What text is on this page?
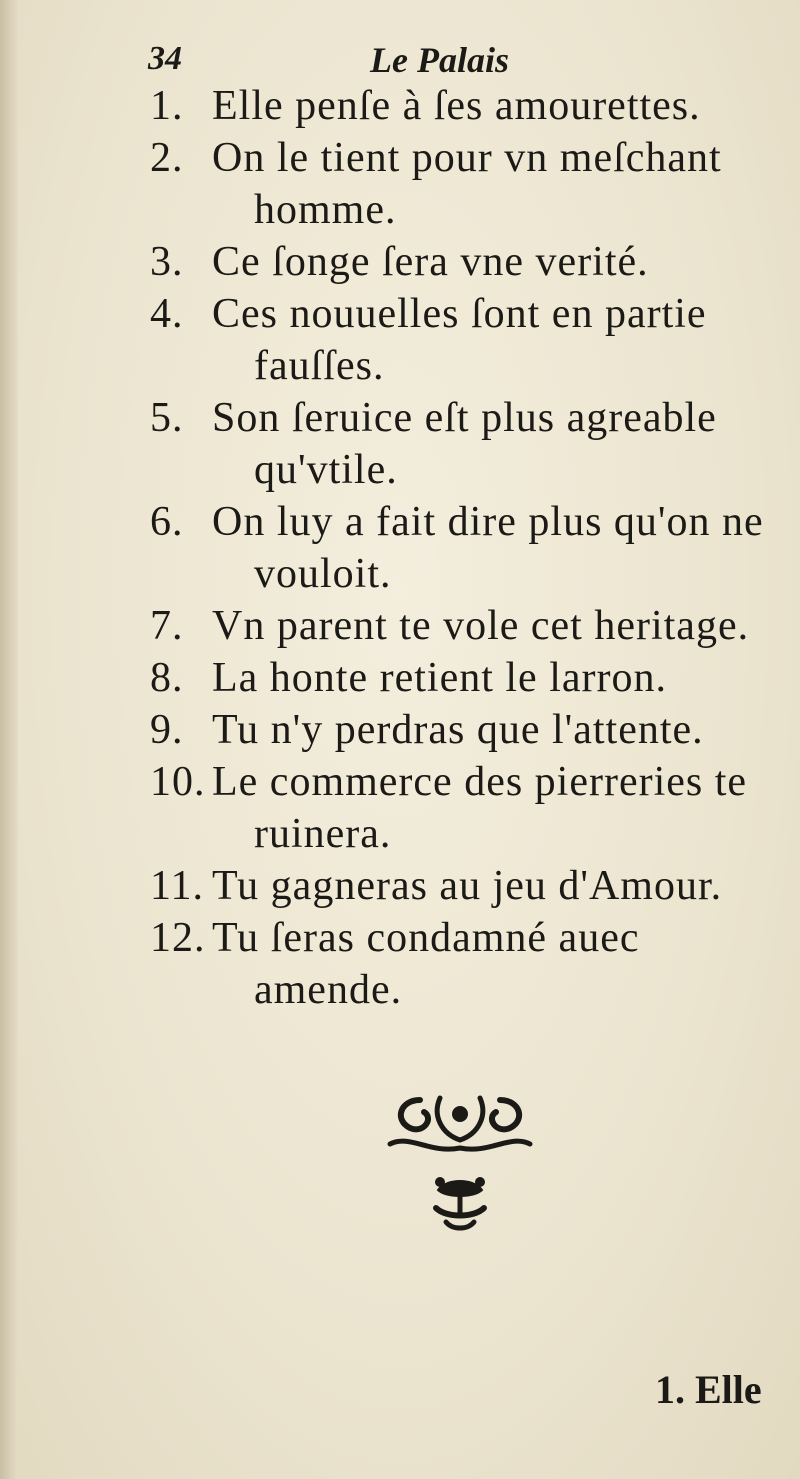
34	Le Palais
1. Elle penſe à ſes amourettes.
2. On le tient pour vn meſchant
homme.
3. Ce ſonge ſera vne verité.
4. Ces nouuelles ſont en partie
fauſſes.
5. Son ſeruice eſt plus agreable
qu'vtile.
6. On luy a fait dire plus qu'on ne
vouloit.
7. Vn parent te vole cet heritage.
8. La honte retient le larron.
9. Tu n'y perdras que l'attente.
10. Le commerce des pierreries te
ruinera.
11. Tu gagneras au jeu d'Amour.
12. Tu ſeras condamné auec
amende.
1. Elle
